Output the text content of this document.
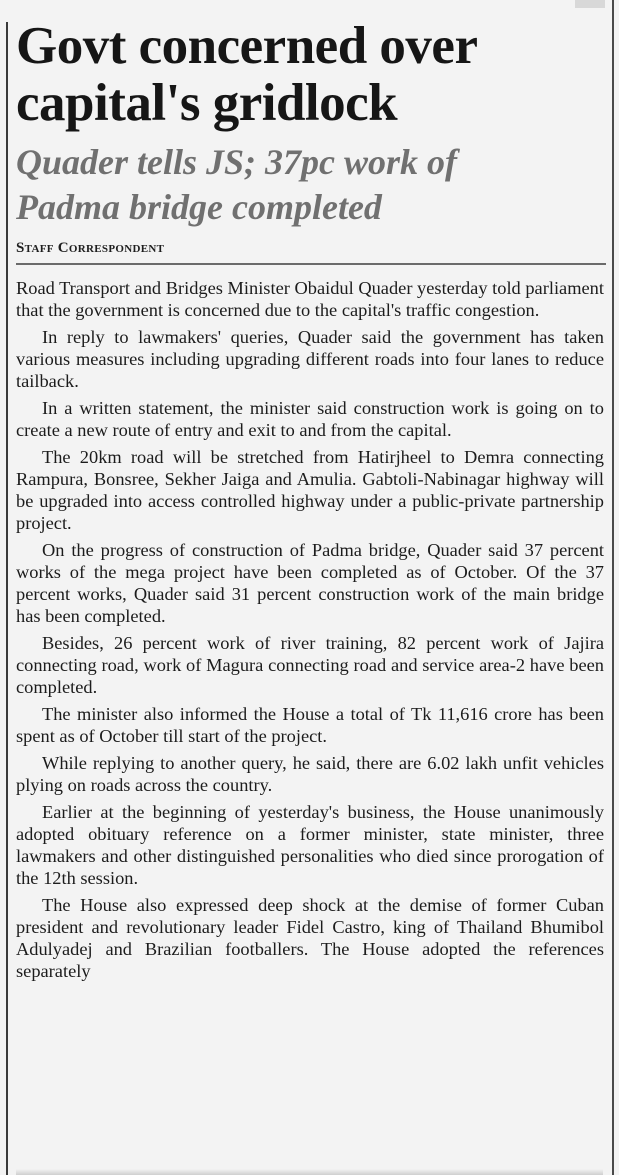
Govt concerned over
capital's gridlock
Quader tells JS; 37pc work of
Padma bridge completed
Staff Correspondent

Road Transport and Bridges Minister Obaidul Quader yesterday told parliament that the government is concerned due to the capital's traffic congestion.

In reply to lawmakers' queries, Quader said the government has taken various measures including upgrading different roads into four lanes to reduce tailback.

In a written statement, the minister said construction work is going on to create a new route of entry and exit to and from the capital.

The 20km road will be stretched from Hatirjheel to Demra connecting Rampura, Bonsree, Sekher Jaiga and Amulia. Gabtoli-Nabinagar highway will be upgraded into access controlled highway under a public-private partnership project.

On the progress of construction of Padma bridge, Quader said 37 percent works of the mega project have been completed as of October. Of the 37 percent works, Quader said 31 percent construction work of the main bridge has been completed.

Besides, 26 percent work of river training, 82 percent work of Jajira connecting road, work of Magura connecting road and service area-2 have been completed.

The minister also informed the House a total of Tk 11,616 crore has been spent as of October till start of the project.

While replying to another query, he said, there are 6.02 lakh unfit vehicles plying on roads across the country.

Earlier at the beginning of yesterday's business, the House unanimously adopted obituary reference on a former minister, state minister, three lawmakers and other distinguished personalities who died since prorogation of the 12th session.

The House also expressed deep shock at the demise of former Cuban president and revolutionary leader Fidel Castro, king of Thailand Bhumibol Adulyadej and Brazilian footballers. The House adopted the references separately
